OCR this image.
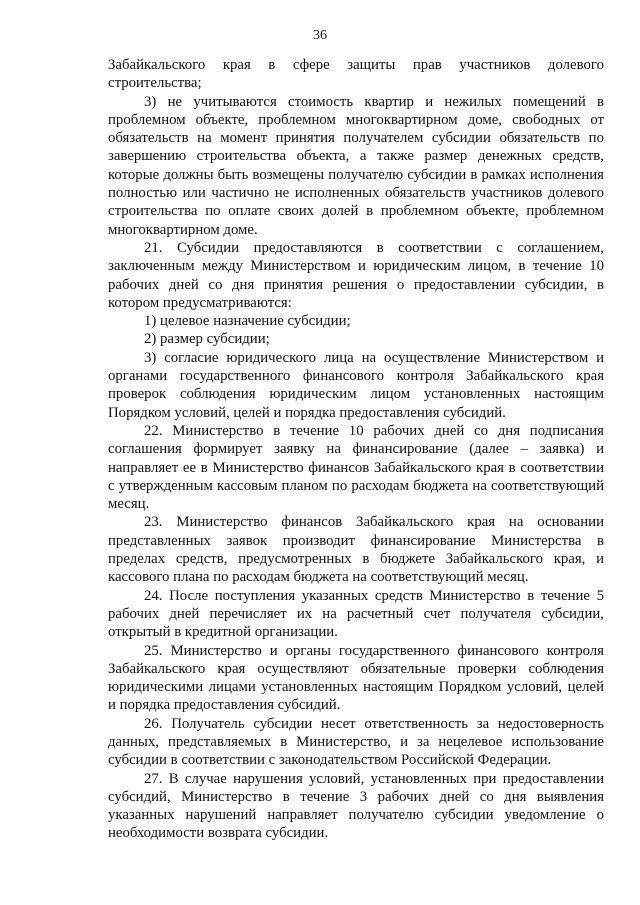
36

Забайкальского края в сфере защиты прав участников долевого строительства;

3) не учитываются стоимость квартир и нежилых помещений в проблемном объекте, проблемном многоквартирном доме, свободных от обязательств на момент принятия получателем субсидии обязательств по завершению строительства объекта, а также размер денежных средств, которые должны быть возмещены получателю субсидии в рамках исполнения полностью или частично не исполненных обязательств участников долевого строительства по оплате своих долей в проблемном объекте, проблемном многоквартирном доме.

21. Субсидии предоставляются в соответствии с соглашением, заключенным между Министерством и юридическим лицом, в течение 10 рабочих дней со дня принятия решения о предоставлении субсидии, в котором предусматриваются:

1) целевое назначение субсидии;

2) размер субсидии;

3) согласие юридического лица на осуществление Министерством и органами государственного финансового контроля Забайкальского края проверок соблюдения юридическим лицом установленных настоящим Порядком условий, целей и порядка предоставления субсидий.

22. Министерство в течение 10 рабочих дней со дня подписания соглашения формирует заявку на финансирование (далее – заявка) и направляет ее в Министерство финансов Забайкальского края в соответствии с утвержденным кассовым планом по расходам бюджета на соответствующий месяц.

23. Министерство финансов Забайкальского края на основании представленных заявок производит финансирование Министерства в пределах средств, предусмотренных в бюджете Забайкальского края, и кассового плана по расходам бюджета на соответствующий месяц.

24. После поступления указанных средств Министерство в течение 5 рабочих дней перечисляет их на расчетный счет получателя субсидии, открытый в кредитной организации.

25. Министерство и органы государственного финансового контроля Забайкальского края осуществляют обязательные проверки соблюдения юридическими лицами установленных настоящим Порядком условий, целей и порядка предоставления субсидий.

26. Получатель субсидии несет ответственность за недостоверность данных, представляемых в Министерство, и за нецелевое использование субсидии в соответствии с законодательством Российской Федерации.

27. В случае нарушения условий, установленных при предоставлении субсидий, Министерство в течение 3 рабочих дней со дня выявления указанных нарушений направляет получателю субсидии уведомление о необходимости возврата субсидии.
